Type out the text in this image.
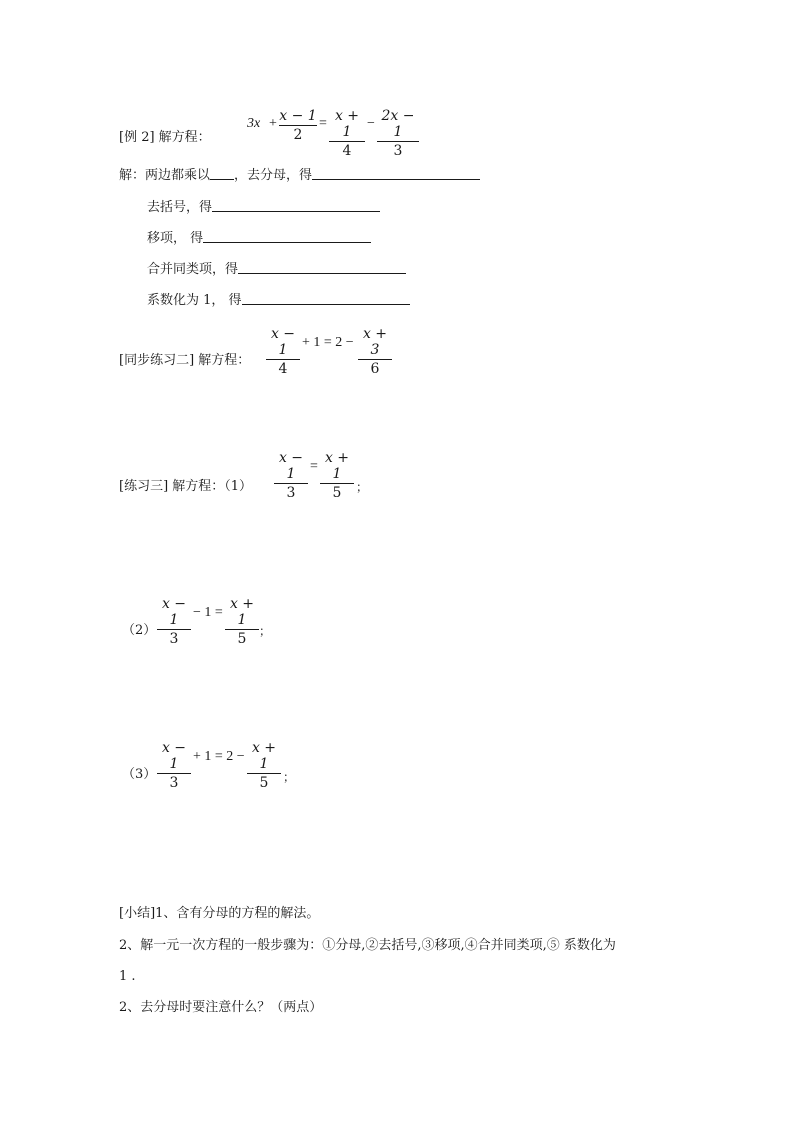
[例 2] 解方程：
3x + x − 1
2
= x + 1
4
− 2x − 1
3
解：两边都乘以 ，去分母，得
去括号，得
移项， 得
合并同类项，得
系数化为 1， 得
[同步练习二] 解方程：
x − 1
4
+ 1 = 2 −
x + 3
6
[练习三] 解方程：（1）
x − 1
3
=
x + 1
5	；
（2）
x − 1
3
− 1 =
x + 1
5	；
（3）
x − 1
3
+ 1 = 2 −
x + 1
5	；
[小结]1、含有分母的方程的解法。
2、解一元一次方程的一般步骤为：①分母,②去括号,③移项,④合并同类项,⑤ 系数化为
1 .
2、去分母时要注意什么？（两点）
